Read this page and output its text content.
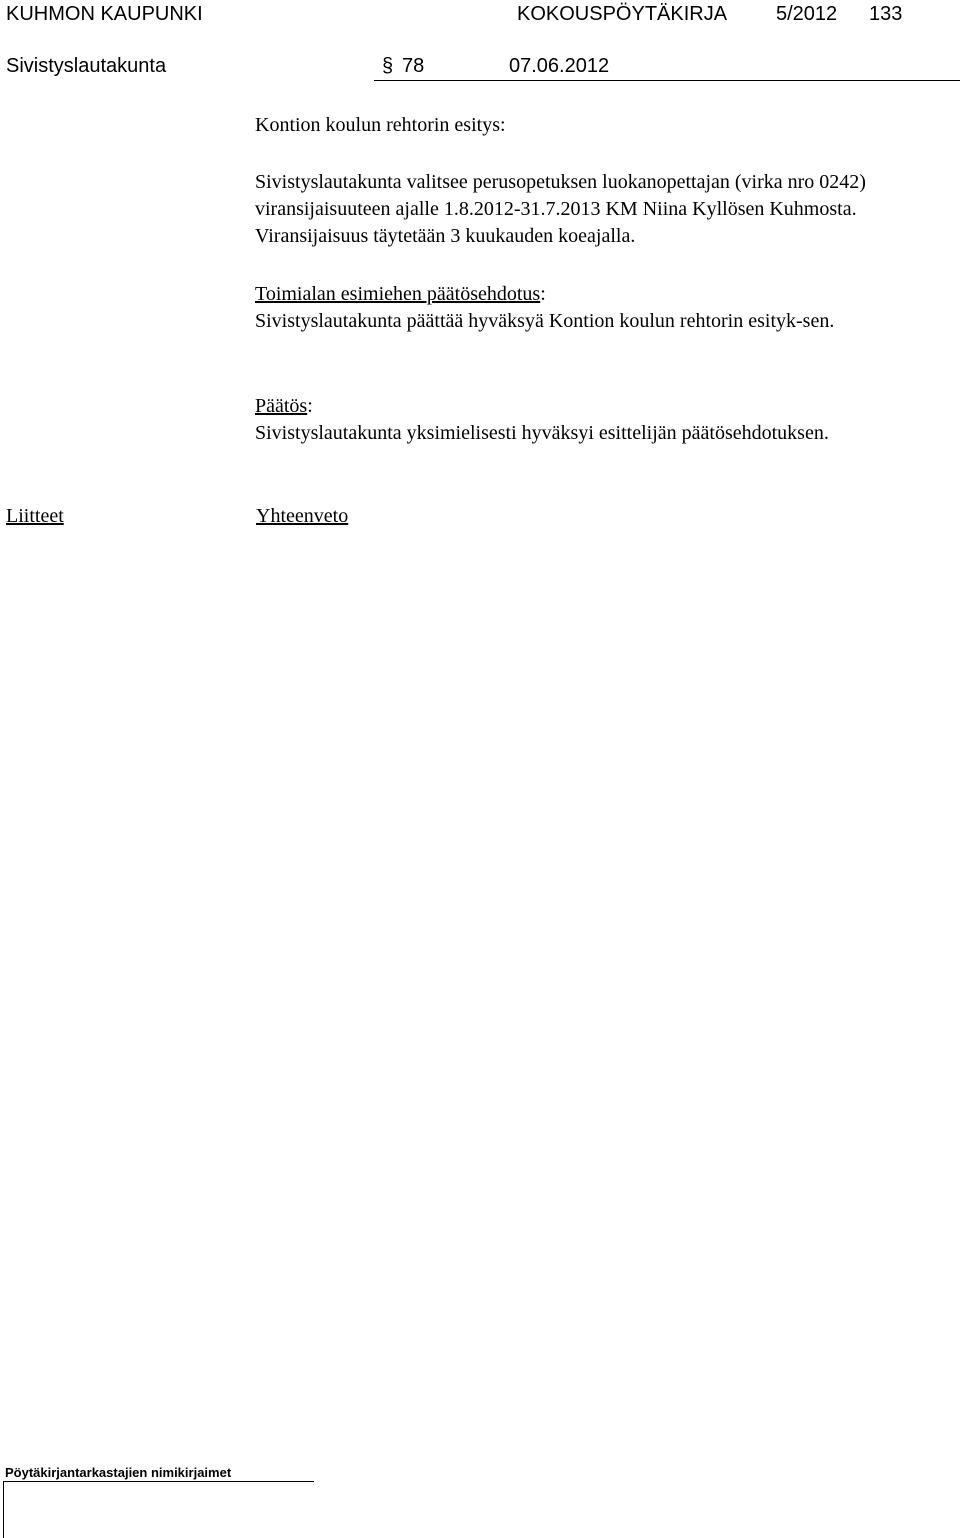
KUHMON KAUPUNKI	KOKOUSPÖYTÄKIRJA 5/2012 133
Sivistyslautakunta	§ 78	07.06.2012
Kontion koulun rehtorin esitys:

Sivistyslautakunta valitsee perusopetuksen luokanopettajan (virka nro 0242) viransijaisuuteen ajalle 1.8.2012-31.7.2013 KM Niina Kyllösen Kuhmosta. Viransijaisuus täytetään 3 kuukauden koeajalla.

Toimialan esimiehen päätösehdotus:

Sivistyslautakunta päättää hyväksyä Kontion koulun rehtorin esityk-sen.

Päätös:

Sivistyslautakunta yksimielisesti hyväksyi esittelijän päätösehdotuksen.

Liitteet	Yhteenveto
Pöytäkirjantarkastajien nimikirjaimet
